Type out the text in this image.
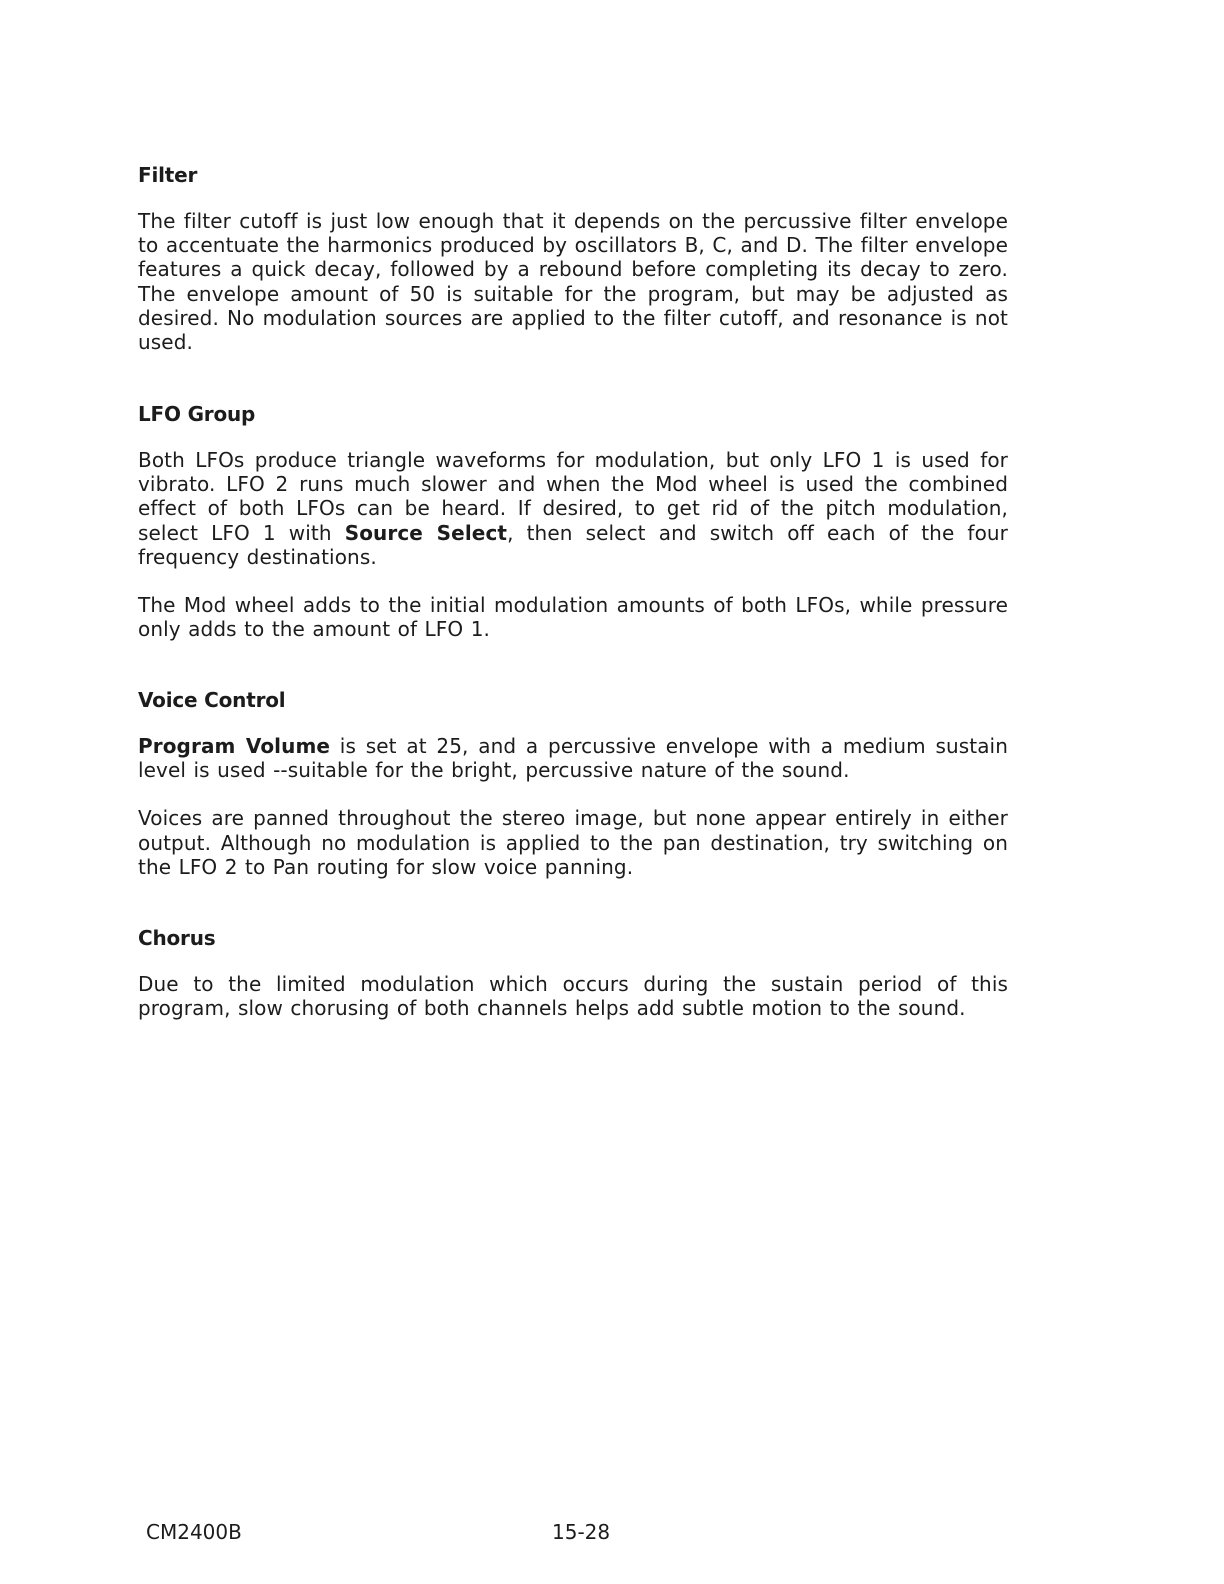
Filter

The filter cutoff is just low enough that it depends on the percussive filter envelope to accentuate the harmonics produced by oscillators B, C, and D. The filter envelope features a quick decay, followed by a rebound before completing its decay to zero. The envelope amount of 50 is suitable for the program, but may be adjusted as desired. No modulation sources are applied to the filter cutoff, and resonance is not used.

LFO Group

Both LFOs produce triangle waveforms for modulation, but only LFO 1 is used for vibrato. LFO 2 runs much slower and when the Mod wheel is used the combined effect of both LFOs can be heard. If desired, to get rid of the pitch modulation, select LFO 1 with Source Select, then select and switch off each of the four frequency destinations.

The Mod wheel adds to the initial modulation amounts of both LFOs, while pressure only adds to the amount of LFO 1.

Voice Control

Program Volume is set at 25, and a percussive envelope with a medium sustain level is used --suitable for the bright, percussive nature of the sound.

Voices are panned throughout the stereo image, but none appear entirely in either output. Although no modulation is applied to the pan destination, try switching on the LFO 2 to Pan routing for slow voice panning.

Chorus

Due to the limited modulation which occurs during the sustain period of this program, slow chorusing of both channels helps add subtle motion to the sound.

CM2400B	15-28
